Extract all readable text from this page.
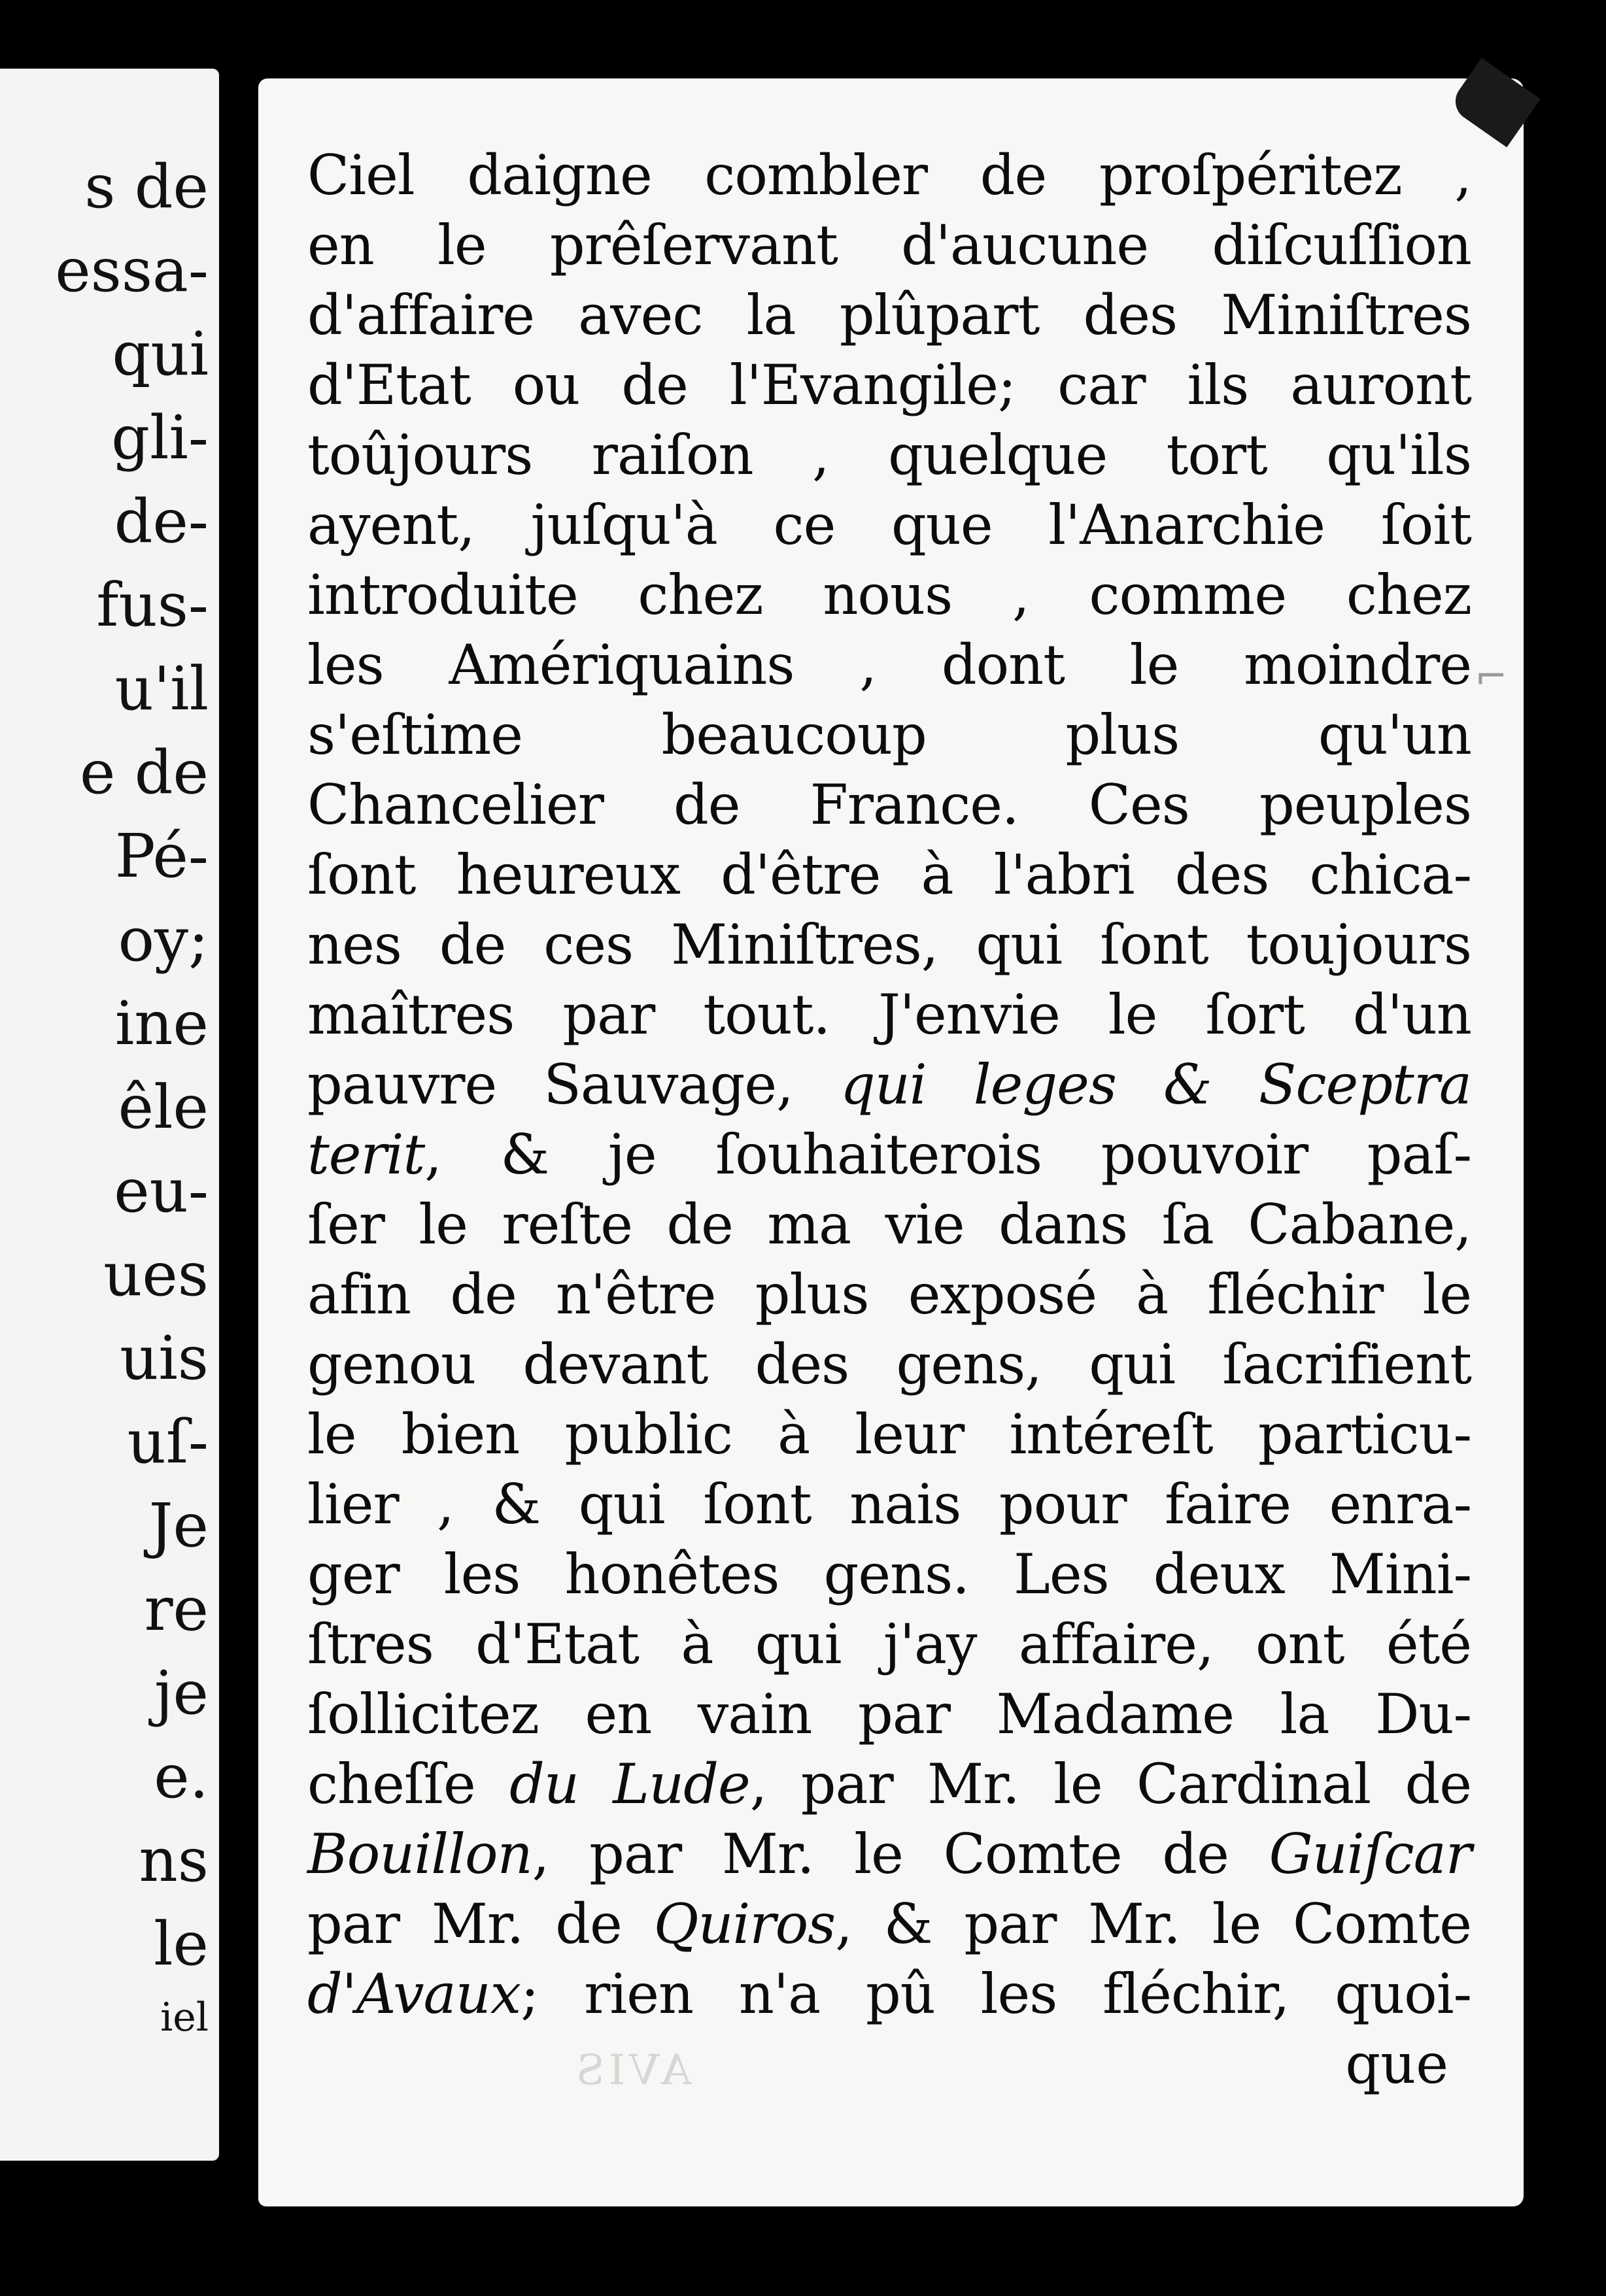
s de
essa-
qui
gli-
de-
fus-
u'il
e de
Pé-
oy;
ine
êle
eu-
ues
uis
uſ-
Je
re
je
e.
ns
le
iel
Ciel daigne combler de proſpéritez ,
en le prêſervant d'aucune diſcuſſion
d'affaire avec la plûpart des Miniſtres
d'Etat ou de l'Evangile; car ils auront
toûjours raiſon , quelque tort qu'ils
ayent, juſqu'à ce que l'Anarchie ſoit
introduite chez nous , comme chez
les Amériquains , dont le moindre
s'eſtime beaucoup plus qu'un
Chancelier de France. Ces peuples
ſont heureux d'être à l'abri des chica-
nes de ces Miniſtres, qui ſont toujours
maîtres par tout. J'envie le ſort d'un
pauvre Sauvage, qui leges & Sceptra
terit, & je ſouhaiterois pouvoir paſ-
ſer le reſte de ma vie dans ſa Cabane,
afin de n'être plus exposé à fléchir le
genou devant des gens, qui ſacrifient
le bien public à leur intéreſt particu-
lier , & qui ſont nais pour faire enra-
ger les honêtes gens. Les deux Mini-
ſtres d'Etat à qui j'ay affaire, ont été
ſollicitez en vain par Madame la Du-
cheſſe du Lude, par Mr. le Cardinal de
Bouillon, par Mr. le Comte de Guiſcar
par Mr. de Quiros, & par Mr. le Comte
d'Avaux; rien n'a pû les fléchir, quoi-
que
AVIS
⌐
